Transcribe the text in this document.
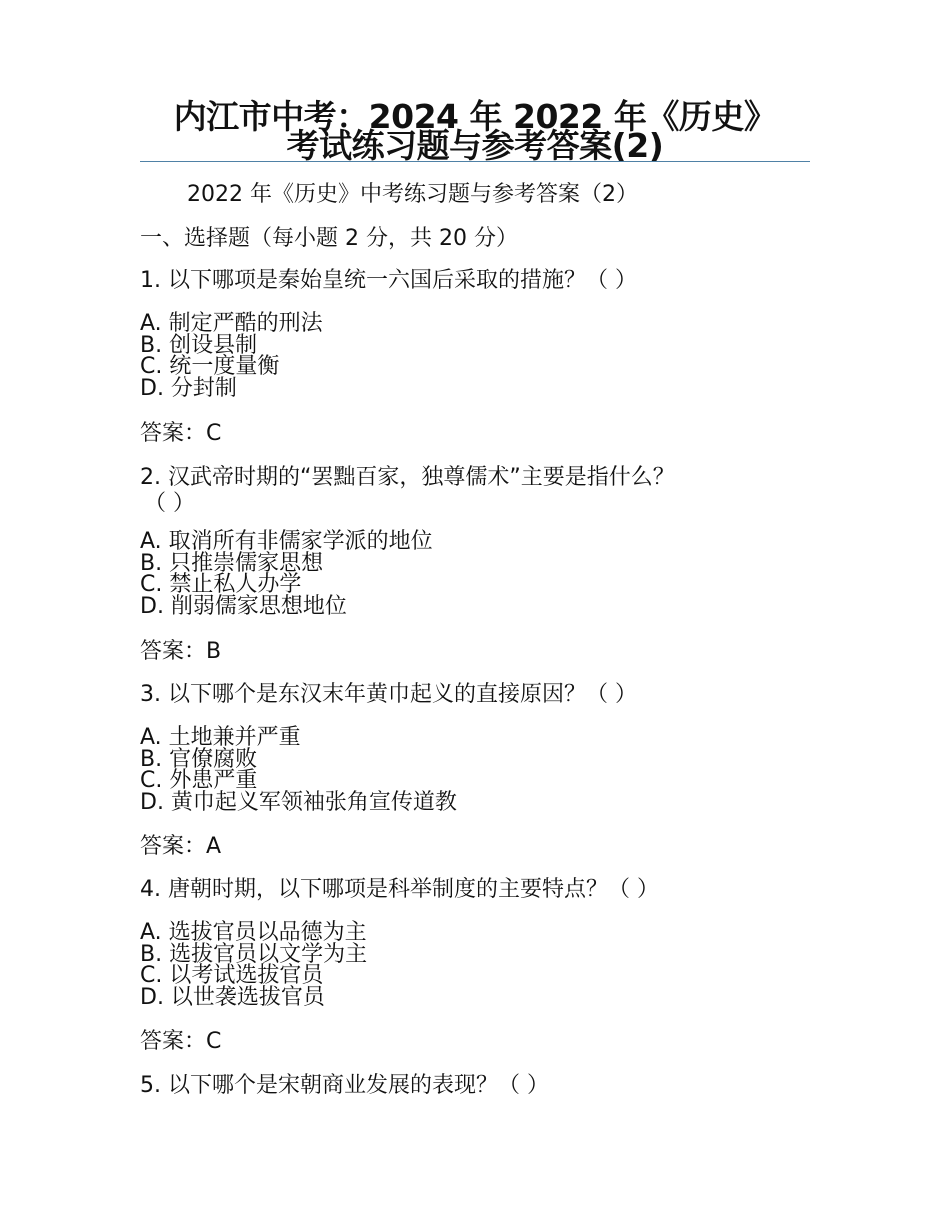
内江市中考：2024 年 2022 年《历史》
考试练习题与参考答案(2)
2022 年《历史》中考练习题与参考答案（2）
一、选择题（每小题 2 分，共 20 分）
1. 以下哪项是秦始皇统一六国后采取的措施？（ ）
A. 制定严酷的刑法
B. 创设县制
C. 统一度量衡
D. 分封制
答案：C
2. 汉武帝时期的“罢黜百家，独尊儒术”主要是指什么？
（ ）
A. 取消所有非儒家学派的地位
B. 只推崇儒家思想
C. 禁止私人办学
D. 削弱儒家思想地位
答案：B
3. 以下哪个是东汉末年黄巾起义的直接原因？（ ）
A. 土地兼并严重
B. 官僚腐败
C. 外患严重
D. 黄巾起义军领袖张角宣传道教
答案：A
4. 唐朝时期，以下哪项是科举制度的主要特点？（ ）
A. 选拔官员以品德为主
B. 选拔官员以文学为主
C. 以考试选拔官员
D. 以世袭选拔官员
答案：C
5. 以下哪个是宋朝商业发展的表现？（ ）
